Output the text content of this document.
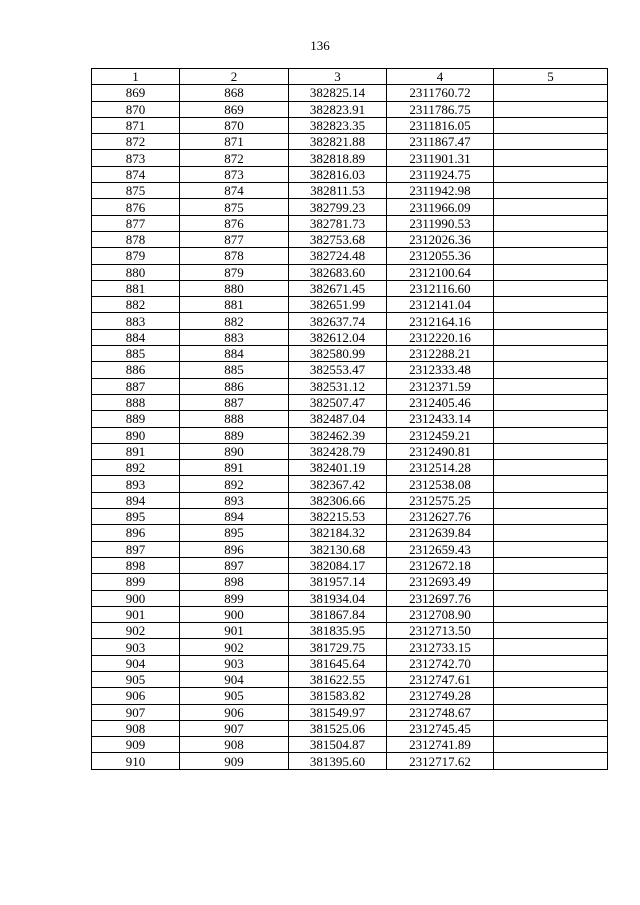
136
1	2	3	4	5
869	868	382825.14	2311760.72	
870	869	382823.91	2311786.75	
871	870	382823.35	2311816.05	
872	871	382821.88	2311867.47	
873	872	382818.89	2311901.31	
874	873	382816.03	2311924.75	
875	874	382811.53	2311942.98	
876	875	382799.23	2311966.09	
877	876	382781.73	2311990.53	
878	877	382753.68	2312026.36	
879	878	382724.48	2312055.36	
880	879	382683.60	2312100.64	
881	880	382671.45	2312116.60	
882	881	382651.99	2312141.04	
883	882	382637.74	2312164.16	
884	883	382612.04	2312220.16	
885	884	382580.99	2312288.21	
886	885	382553.47	2312333.48	
887	886	382531.12	2312371.59	
888	887	382507.47	2312405.46	
889	888	382487.04	2312433.14	
890	889	382462.39	2312459.21	
891	890	382428.79	2312490.81	
892	891	382401.19	2312514.28	
893	892	382367.42	2312538.08	
894	893	382306.66	2312575.25	
895	894	382215.53	2312627.76	
896	895	382184.32	2312639.84	
897	896	382130.68	2312659.43	
898	897	382084.17	2312672.18	
899	898	381957.14	2312693.49	
900	899	381934.04	2312697.76	
901	900	381867.84	2312708.90	
902	901	381835.95	2312713.50	
903	902	381729.75	2312733.15	
904	903	381645.64	2312742.70	
905	904	381622.55	2312747.61	
906	905	381583.82	2312749.28	
907	906	381549.97	2312748.67	
908	907	381525.06	2312745.45	
909	908	381504.87	2312741.89	
910	909	381395.60	2312717.62	
